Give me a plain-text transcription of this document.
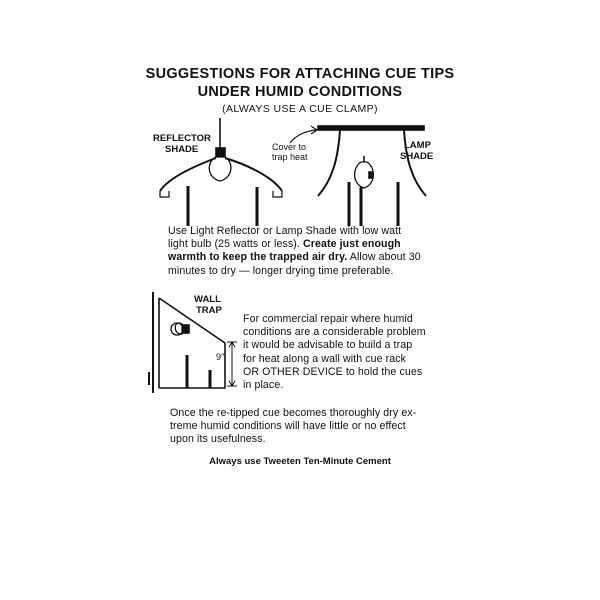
SUGGESTIONS FOR ATTACHING CUE TIPS
UNDER HUMID CONDITIONS
(ALWAYS USE A CUE CLAMP)
REFLECTOR
SHADE	Cover to
trap heat
LAMP
SHADE
Use Light Reflector or Lamp Shade with low watt
light bulb (25 watts or less). Create just enough
warmth to keep the trapped air dry. Allow about 30
minutes to dry — longer drying time preferable.
WALL
TRAP
9"
For commercial repair where humid
conditions are a considerable problem
it would be advisable to build a trap
for heat along a wall with cue rack
OR OTHER DEVICE to hold the cues
in place.
Once the re-tipped cue becomes thoroughly dry ex-
treme humid conditions will have little or no effect
upon its usefulness.
Always use Tweeten Ten-Minute Cement
